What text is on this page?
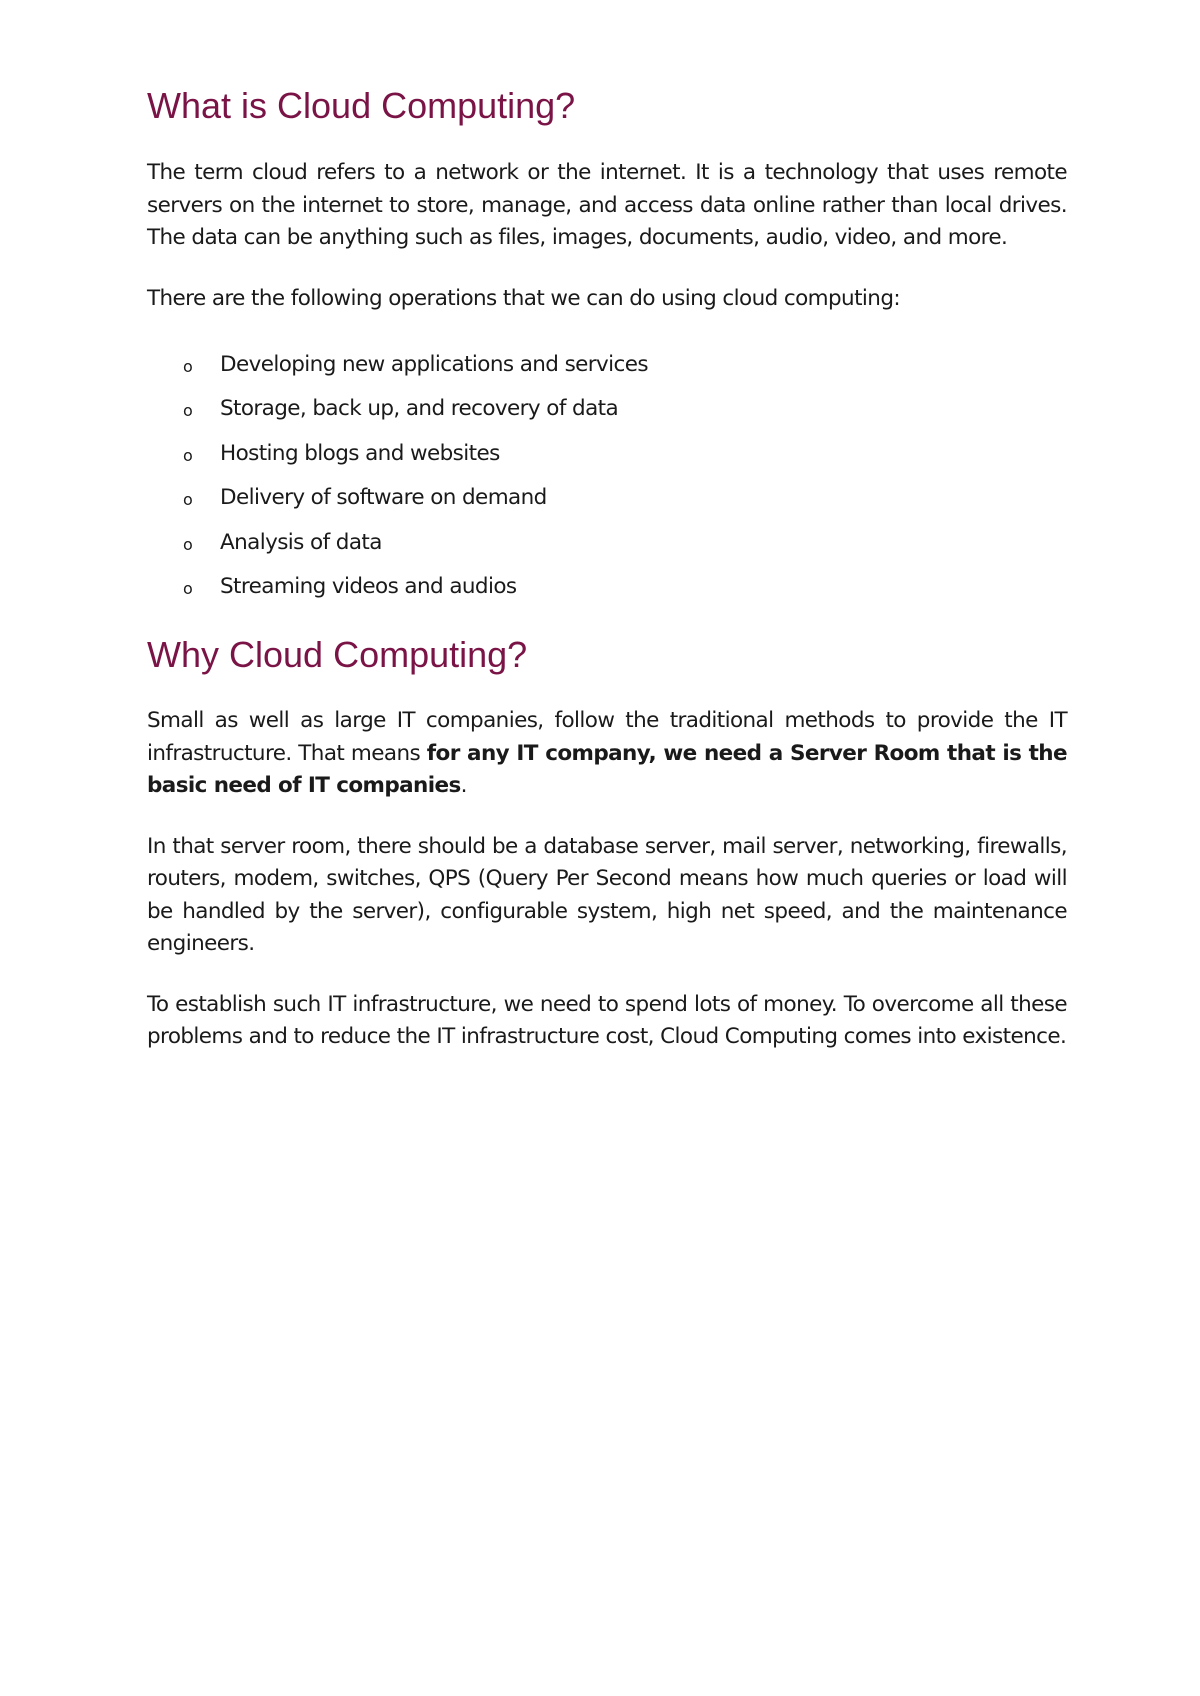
What is Cloud Computing?

The term cloud refers to a network or the internet. It is a technology that uses remote servers on the internet to store, manage, and access data online rather than local drives. The data can be anything such as files, images, documents, audio, video, and more.

There are the following operations that we can do using cloud computing:

o Developing new applications and services
o Storage, back up, and recovery of data
o Hosting blogs and websites
o Delivery of software on demand
o Analysis of data
o Streaming videos and audios
Why Cloud Computing?

Small as well as large IT companies, follow the traditional methods to provide the IT infrastructure. That means for any IT company, we need a Server Room that is the basic need of IT companies.

In that server room, there should be a database server, mail server, networking, firewalls, routers, modem, switches, QPS (Query Per Second means how much queries or load will be handled by the server), configurable system, high net speed, and the maintenance engineers.

To establish such IT infrastructure, we need to spend lots of money. To overcome all these problems and to reduce the IT infrastructure cost, Cloud Computing comes into existence.
